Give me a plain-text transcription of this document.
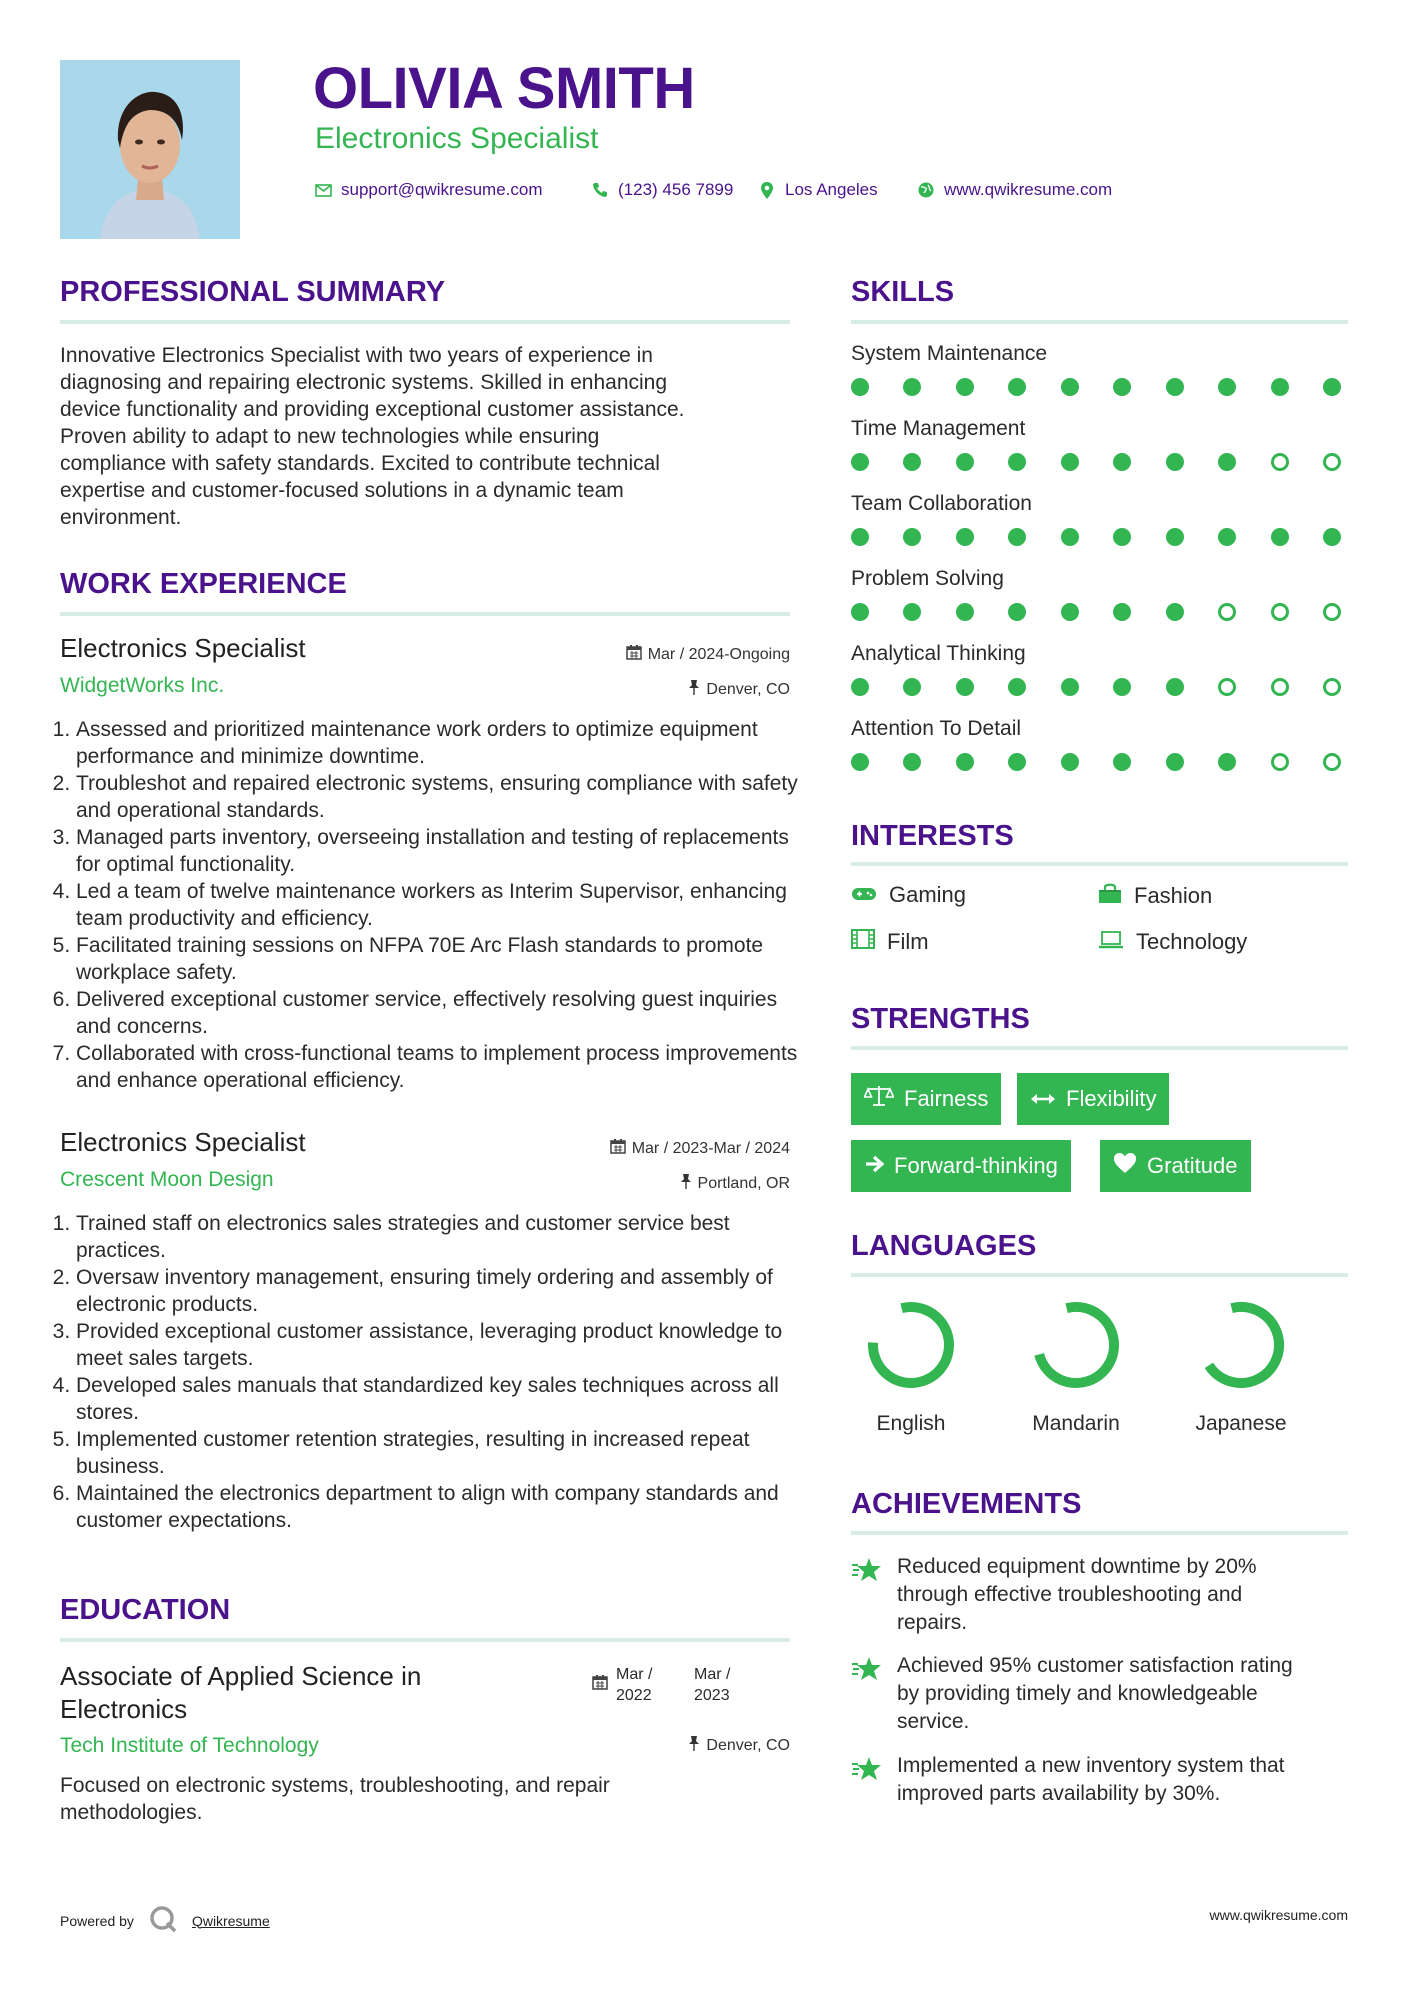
OLIVIA SMITH
Electronics Specialist
support@qwikresume.com	(123) 456 7899	Los Angeles	www.qwikresume.com
PROFESSIONAL SUMMARY
Innovative Electronics Specialist with two years of experience in
diagnosing and repairing electronic systems. Skilled in enhancing
device functionality and providing exceptional customer assistance.
Proven ability to adapt to new technologies while ensuring
compliance with safety standards. Excited to contribute technical
expertise and customer-focused solutions in a dynamic team
environment.
WORK EXPERIENCE
Electronics Specialist	Mar / 2024-Ongoing
WidgetWorks Inc.	Denver, CO
1. Assessed and prioritized maintenance work orders to optimize equipment performance and minimize downtime.
2. Troubleshot and repaired electronic systems, ensuring compliance with safety and operational standards.
3. Managed parts inventory, overseeing installation and testing of replacements for optimal functionality.
4. Led a team of twelve maintenance workers as Interim Supervisor, enhancing team productivity and efficiency.
5. Facilitated training sessions on NFPA 70E Arc Flash standards to promote workplace safety.
6. Delivered exceptional customer service, effectively resolving guest inquiries and concerns.
7. Collaborated with cross-functional teams to implement process improvements and enhance operational efficiency.
Electronics Specialist	Mar / 2023-Mar / 2024
Crescent Moon Design	Portland, OR
1. Trained staff on electronics sales strategies and customer service best practices.
2. Oversaw inventory management, ensuring timely ordering and assembly of electronic products.
3. Provided exceptional customer assistance, leveraging product knowledge to meet sales targets.
4. Developed sales manuals that standardized key sales techniques across all stores.
5. Implemented customer retention strategies, resulting in increased repeat business.
6. Maintained the electronics department to align with company standards and customer expectations.
EDUCATION
Associate of Applied Science in
Electronics
Mar /
2022
Mar /
2023
Tech Institute of Technology	Denver, CO
Focused on electronic systems, troubleshooting, and repair
methodologies.
SKILLS
System Maintenance
Time Management
Team Collaboration
Problem Solving
Analytical Thinking
Attention To Detail
INTERESTS
Gaming	Fashion
Film	Technology
STRENGTHS
Fairness	Flexibility
Forward-thinking	Gratitude
LANGUAGES
English	Mandarin	Japanese
ACHIEVEMENTS
Reduced equipment downtime by 20%
through effective troubleshooting and
repairs.
Achieved 95% customer satisfaction rating
by providing timely and knowledgeable
service.
Implemented a new inventory system that
improved parts availability by 30%.
Powered by	Qwikresume	www.qwikresume.com
